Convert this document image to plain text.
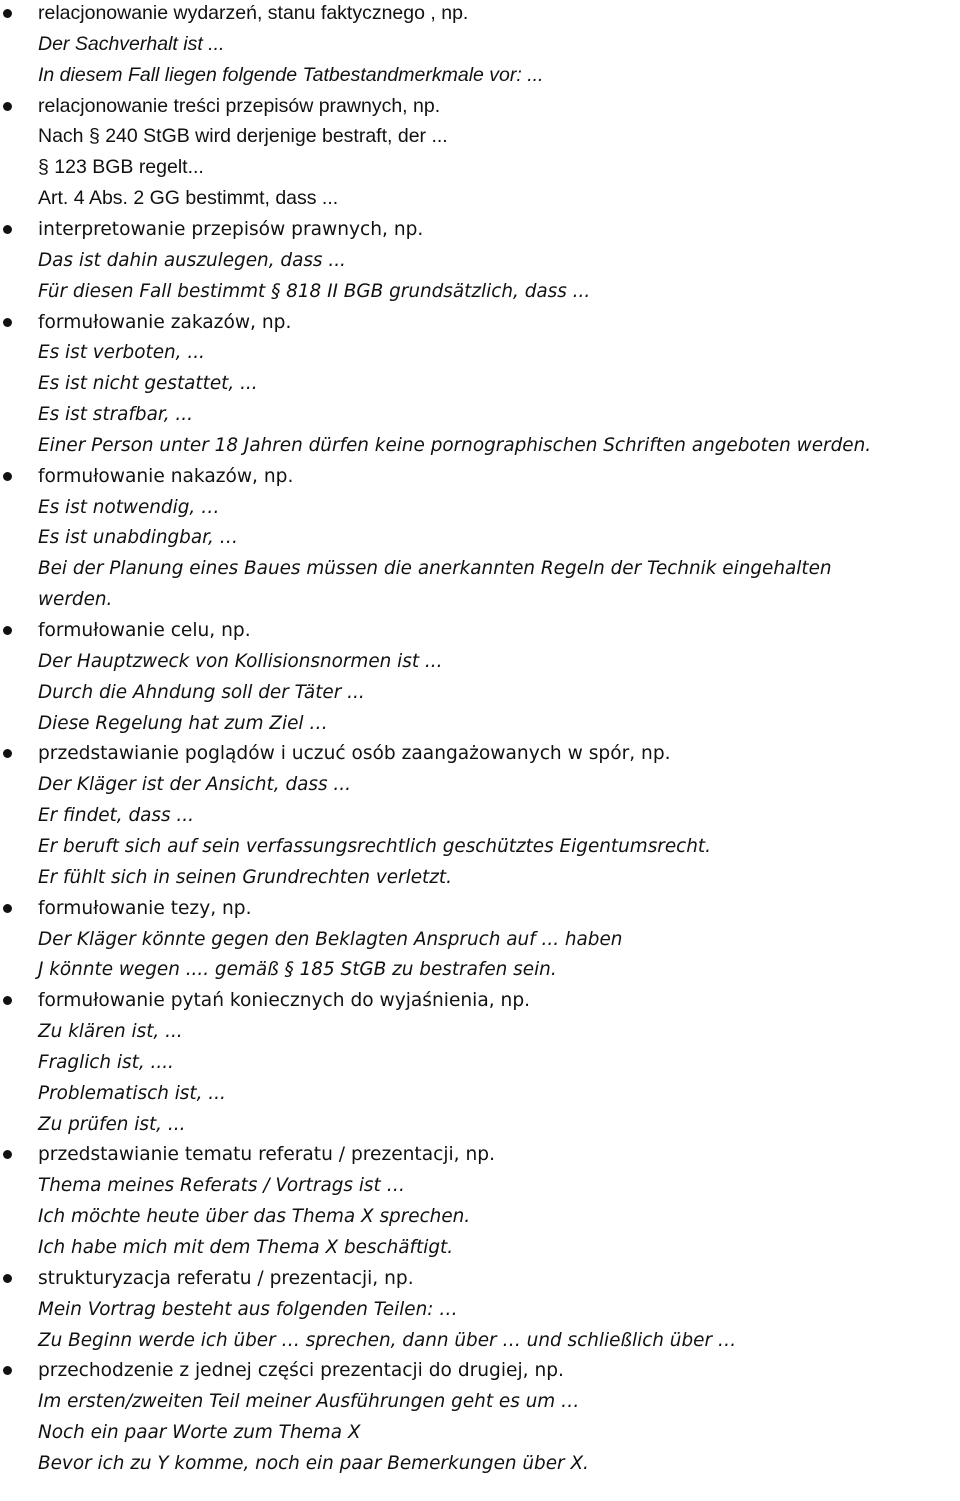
relacjonowanie wydarzeń, stanu faktycznego , np.
Der Sachverhalt ist ...
In diesem Fall liegen folgende Tatbestandmerkmale vor: ...
relacjonowanie treści przepisów prawnych, np.
Nach § 240 StGB wird derjenige bestraft, der ...
§ 123 BGB regelt...
Art. 4 Abs. 2 GG bestimmt, dass ...
interpretowanie przepisów prawnych, np.
Das ist dahin auszulegen, dass ...
Für diesen Fall bestimmt § 818 II BGB grundsätzlich, dass ...
formułowanie zakazów, np.
Es ist verboten, ...
Es ist nicht gestattet, ...
Es ist strafbar, ...
Einer Person unter 18 Jahren dürfen keine pornographischen Schriften angeboten werden.
formułowanie nakazów, np.
Es ist notwendig, …
Es ist unabdingbar, …
Bei der Planung eines Baues müssen die anerkannten Regeln der Technik eingehalten
werden.
formułowanie celu, np.
Der Hauptzweck von Kollisionsnormen ist ...
Durch die Ahndung soll der Täter ...
Diese Regelung hat zum Ziel …
przedstawianie poglądów i uczuć osób zaangażowanych w spór, np.
Der Kläger ist der Ansicht, dass ...
Er findet, dass ...
Er beruft sich auf sein verfassungsrechtlich geschütztes Eigentumsrecht.
Er fühlt sich in seinen Grundrechten verletzt.
formułowanie tezy, np.
Der Kläger könnte gegen den Beklagten Anspruch auf ... haben
J könnte wegen .... gemäß § 185 StGB zu bestrafen sein.
formułowanie pytań koniecznych do wyjaśnienia, np.
Zu klären ist, ...
Fraglich ist, ....
Problematisch ist, ...
Zu prüfen ist, ...
przedstawianie tematu referatu / prezentacji, np.
Thema meines Referats / Vortrags ist …
Ich möchte heute über das Thema X sprechen.
Ich habe mich mit dem Thema X beschäftigt.
strukturyzacja referatu / prezentacji, np.
Mein Vortrag besteht aus folgenden Teilen: …
Zu Beginn werde ich über … sprechen, dann über … und schließlich über …
przechodzenie z jednej części prezentacji do drugiej, np.
Im ersten/zweiten Teil meiner Ausführungen geht es um …
Noch ein paar Worte zum Thema X
Bevor ich zu Y komme, noch ein paar Bemerkungen über X.
